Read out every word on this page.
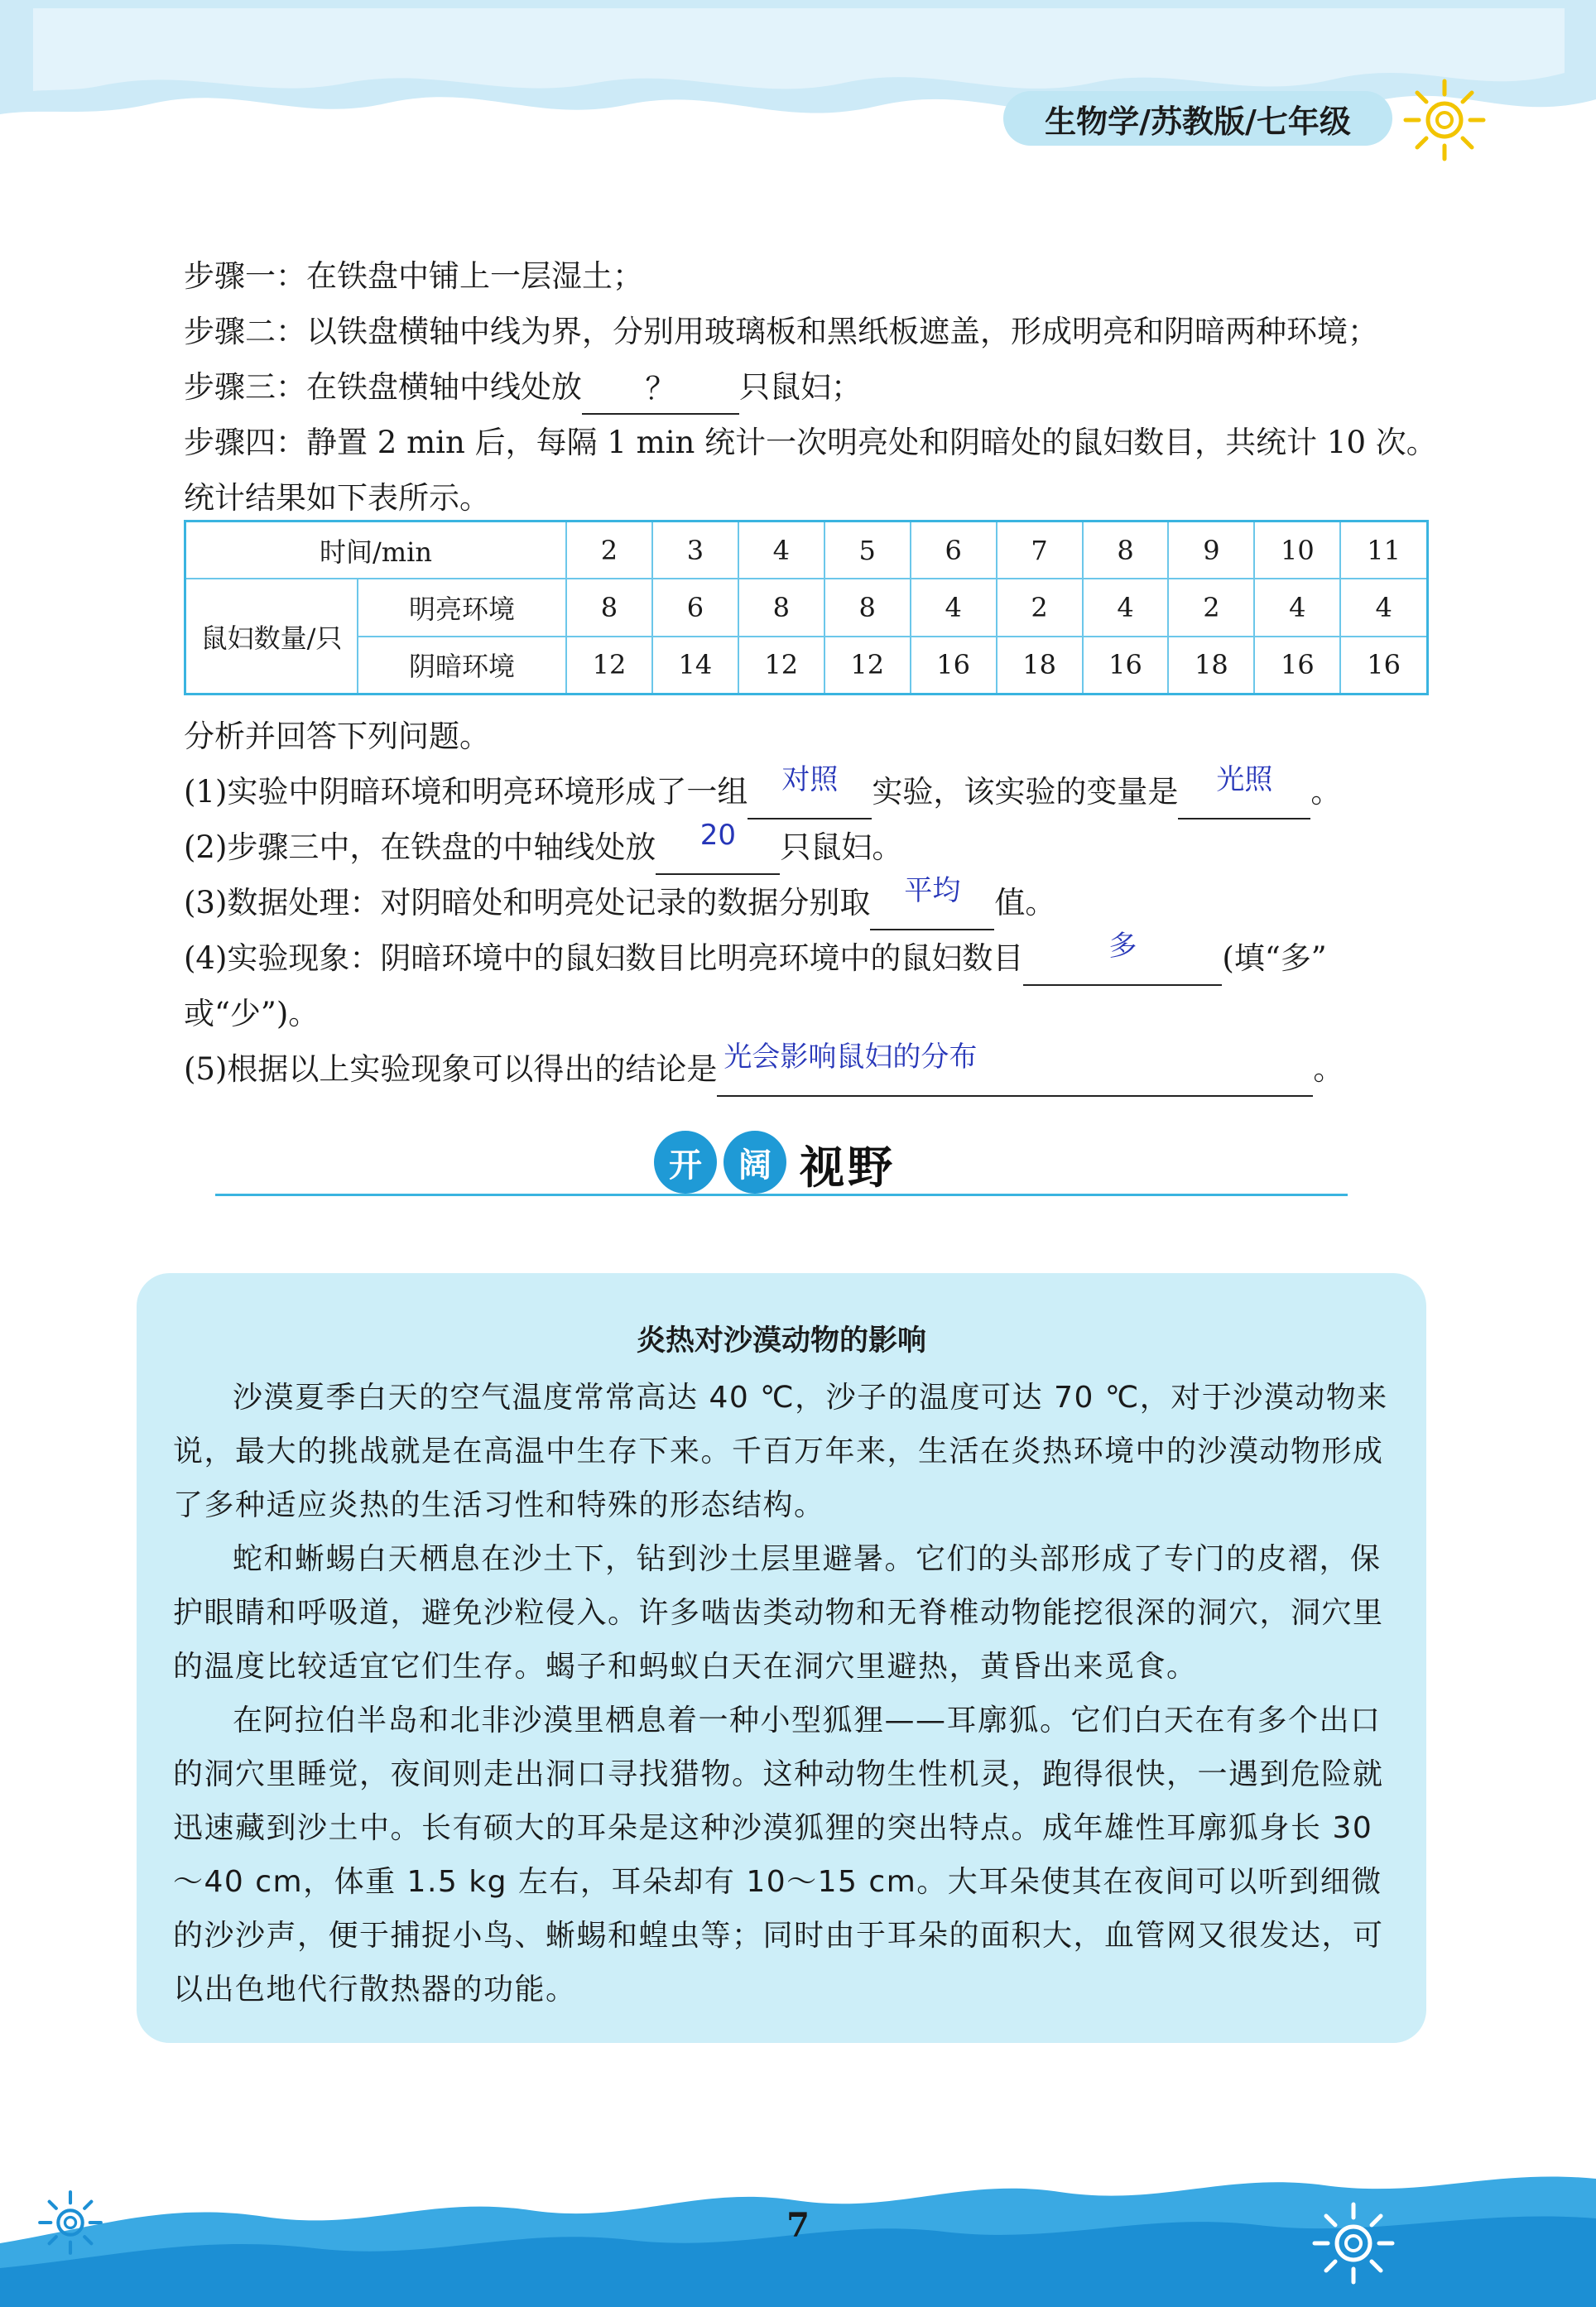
生物学/苏教版/七年级
步骤一：在铁盘中铺上一层湿土；
步骤二：以铁盘横轴中线为界，分别用玻璃板和黑纸板遮盖，形成明亮和阴暗两种环境；
步骤三：在铁盘横轴中线处放 ？ 只鼠妇；
步骤四：静置 2 min 后，每隔 1 min 统计一次明亮处和阴暗处的鼠妇数目，共统计 10 次。
统计结果如下表所示。
时间/min		2	3	4	5	6	7	8	9	10	11
鼠妇数量/只	明亮环境	8	6	8	8	4	2	4	2	4	4
	阴暗环境	12	14	12	12	16	18	16	18	16	16
分析并回答下列问题。
(1)实验中阴暗环境和明亮环境形成了一组 对照 实验，该实验的变量是 光照 。
(2)步骤三中，在铁盘的中轴线处放 20 只鼠妇。
(3)数据处理：对阴暗处和明亮处记录的数据分别取 平均 值。
(4)实验现象：阴暗环境中的鼠妇数目比明亮环境中的鼠妇数目	多	(填“多”
或“少”)。
(5)根据以上实验现象可以得出的结论是 光会影响鼠妇的分布	。
开	阔 视野
炎热对沙漠动物的影响

沙漠夏季白天的空气温度常常高达 40 ℃，沙子的温度可达 70 ℃，对于沙漠动物来说，最大的挑战就是在高温中生存下来。千百万年来，生活在炎热环境中的沙漠动物形成了多种适应炎热的生活习性和特殊的形态结构。

蛇和蜥蜴白天栖息在沙土下，钻到沙土层里避暑。它们的头部形成了专门的皮褶，保护眼睛和呼吸道，避免沙粒侵入。许多啮齿类动物和无脊椎动物能挖很深的洞穴，洞穴里的温度比较适宜它们生存。蝎子和蚂蚁白天在洞穴里避热，黄昏出来觅食。

在阿拉伯半岛和北非沙漠里栖息着一种小型狐狸——耳廓狐。它们白天在有多个出口的洞穴里睡觉，夜间则走出洞口寻找猎物。这种动物生性机灵，跑得很快，一遇到危险就迅速藏到沙土中。长有硕大的耳朵是这种沙漠狐狸的突出特点。成年雄性耳廓狐身长 30～40 cm，体重 1.5 kg 左右，耳朵却有 10～15 cm。大耳朵使其在夜间可以听到细微的沙沙声，便于捕捉小鸟、蜥蜴和蝗虫等；同时由于耳朵的面积大，血管网又很发达，可以出色地代行散热器的功能。

7
